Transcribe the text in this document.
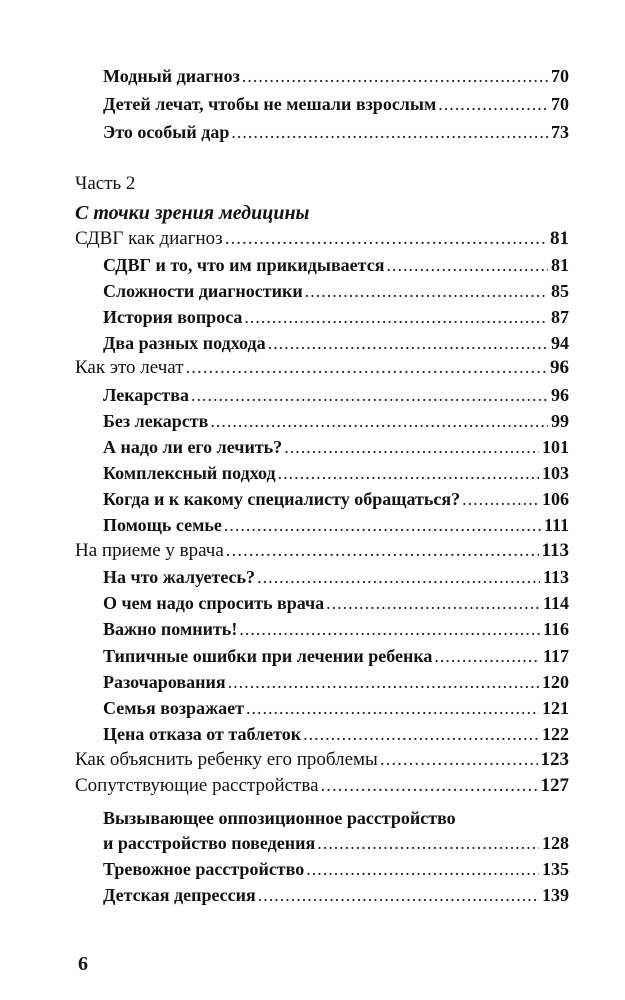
Модный диагноз .....	70
Детей лечат, чтобы не мешали взрослым .....	70
Это особый дар .....	73
Часть 2
С точки зрения медицины
СДВГ как диагноз .....	81
СДВГ и то, что им прикидывается .....	81
Сложности диагностики .....	85
История вопроса .....	87
Два разных подхода .....	94
Как это лечат .....	96
Лекарства .....	96
Без лекарств .....	99
А надо ли его лечить? .....	101
Комплексный подход .....	103
Когда и к какому специалисту обращаться? .....	106
Помощь семье .....	111
На приеме у врача .....	113
На что жалуетесь? .....	113
О чем надо спросить врача .....	114
Важно помнить! .....	116
Типичные ошибки при лечении ребенка .....	117
Разочарования .....	120
Семья возражает .....	121
Цена отказа от таблеток .....	122
Как объяснить ребенку его проблемы .....	123
Сопутствующие расстройства .....	127
Вызывающее оппозиционное расстройство
и расстройство поведения .....	128
Тревожное расстройство .....	135
Детская депрессия .....	139
6
